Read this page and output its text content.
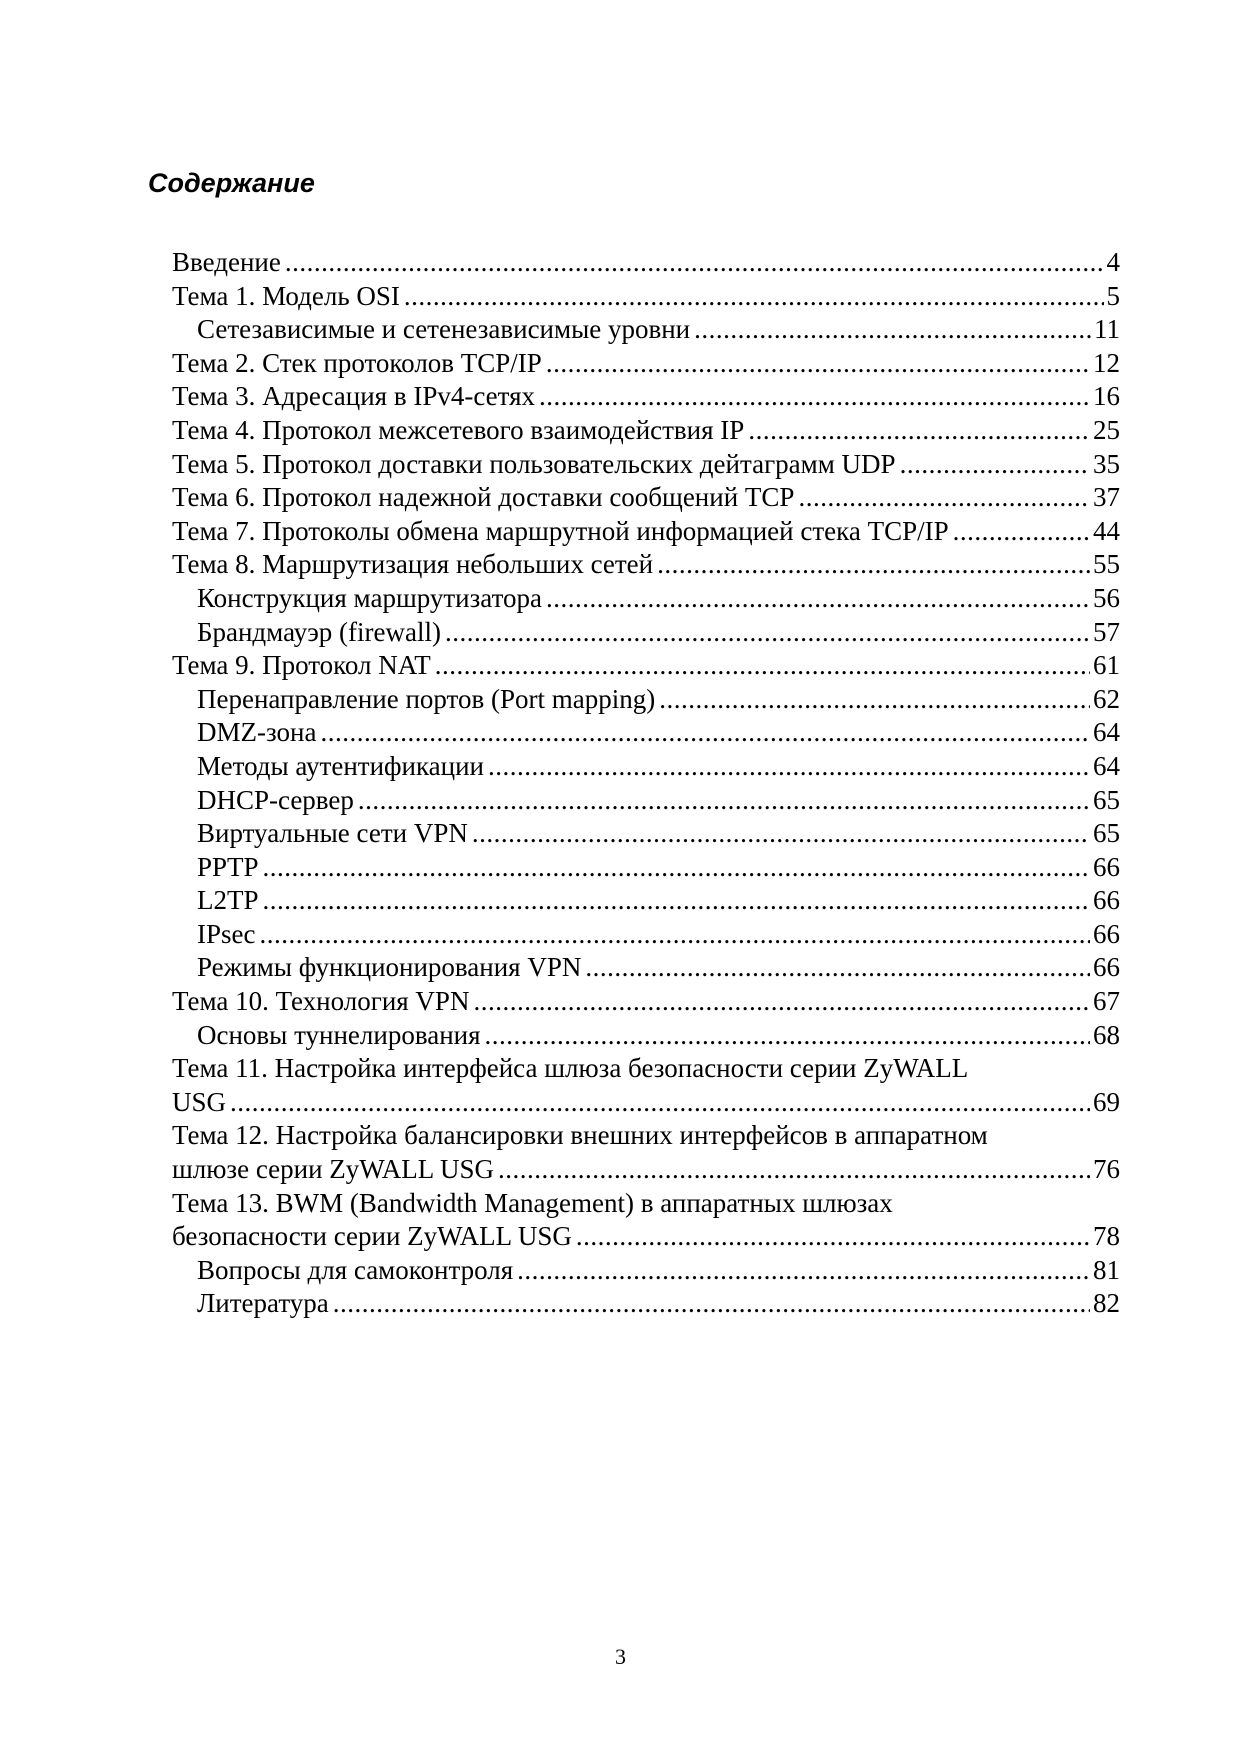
Содержание
Введение .....	4
Тема 1. Модель OSI .....	5
Сетезависимые и сетенезависимые уровни .....	11
Тема 2. Стек протоколов TCP/IP .....	12
Тема 3. Адресация в IPv4-сетях .....	16
Тема 4. Протокол межсетевого взаимодействия IP .....	25
Тема 5. Протокол доставки пользовательских дейтаграмм UDP .....	35
Тема 6. Протокол надежной доставки сообщений TCP .....	37
Тема 7. Протоколы обмена маршрутной информацией стека TCP/IP .....	44
Тема 8. Маршрутизация небольших сетей .....	55
Конструкция маршрутизатора .....	56
Брандмауэр (firewall) .....	57
Тема 9. Протокол NAT .....	61
Перенаправление портов (Port mapping) .....	62
DMZ-зона .....	64
Методы аутентификации .....	64
DHCP-сервер .....	65
Виртуальные сети VPN .....	65
PPTP .....	66
L2TP .....	66
IPsec .....	66
Режимы функционирования VPN .....	66
Тема 10. Технология VPN .....	67
Основы туннелирования .....	68
Тема 11. Настройка интерфейса шлюза безопасности серии ZyWALL
USG .....	69
Тема 12. Настройка балансировки внешних интерфейсов в аппаратном
шлюзе серии ZyWALL USG .....	76
Тема 13. BWM (Bandwidth Management) в аппаратных шлюзах
безопасности серии ZyWALL USG .....	78
Вопросы для самоконтроля .....	81
Литература .....	82
3
